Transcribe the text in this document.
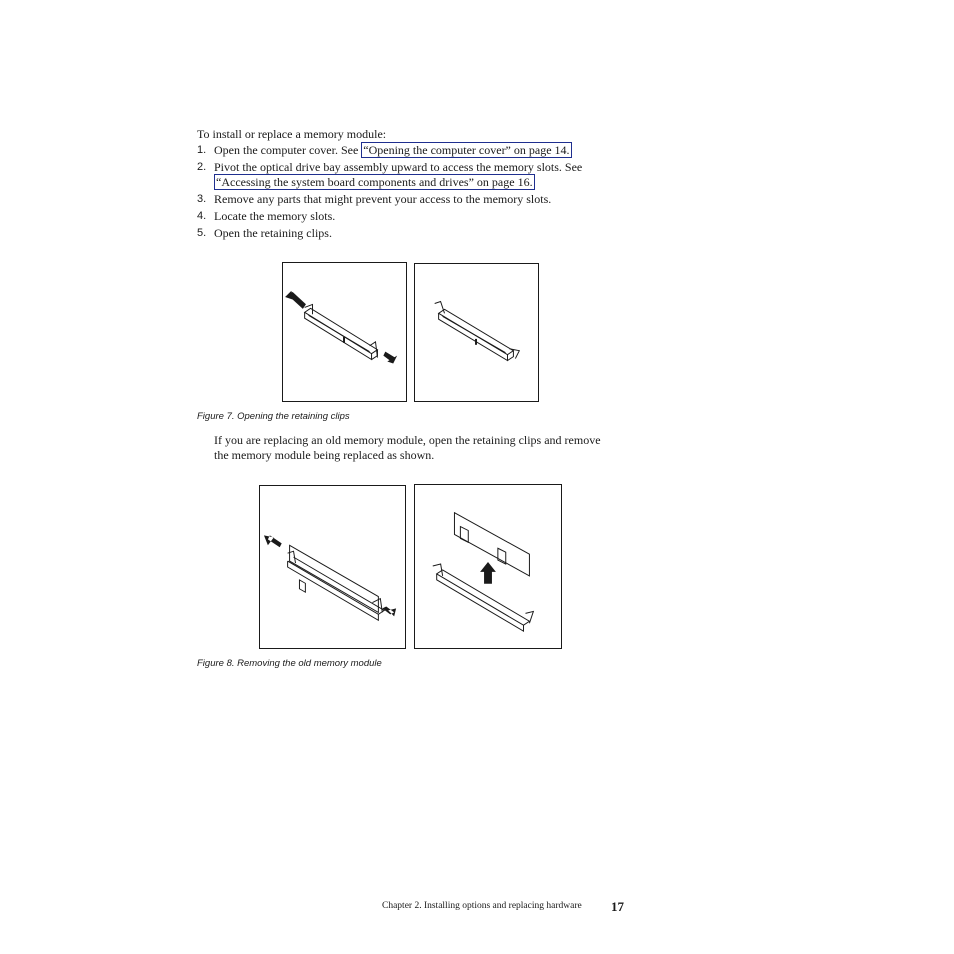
To install or replace a memory module:
1. Open the computer cover. See “Opening the computer cover” on page 14.
2. Pivot the optical drive bay assembly upward to access the memory slots. See “Accessing the system board components and drives” on page 16.
3. Remove any parts that might prevent your access to the memory slots.
4. Locate the memory slots.
5. Open the retaining clips.
Figure 7. Opening the retaining clips
If you are replacing an old memory module, open the retaining clips and remove the memory module being replaced as shown.
Figure 8. Removing the old memory module
Chapter 2. Installing options and replacing hardware 17
